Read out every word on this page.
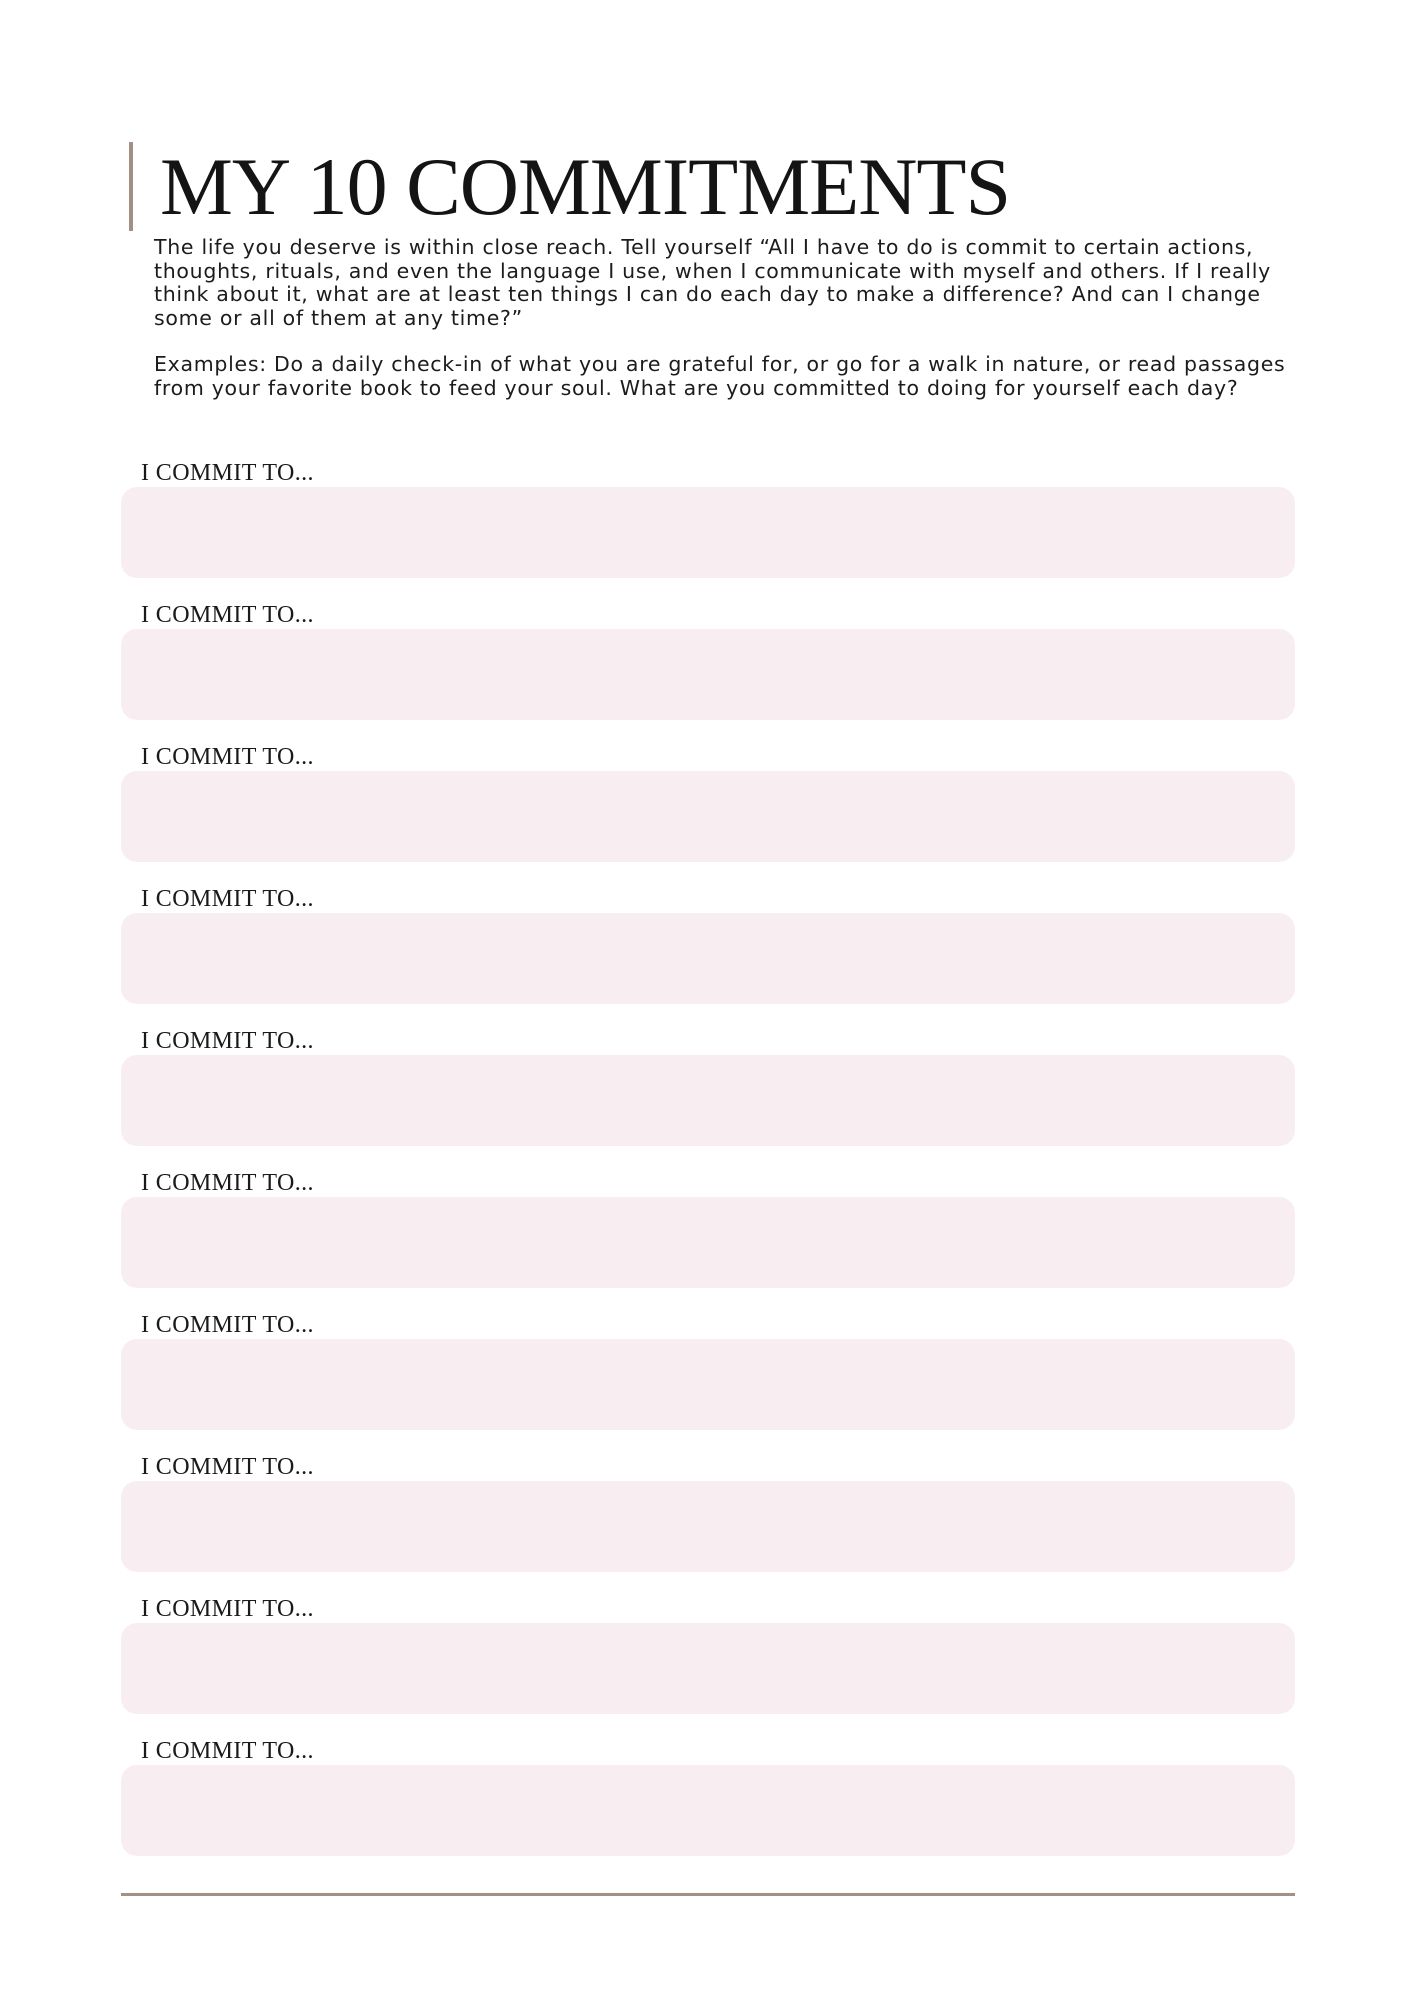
MY 10 COMMITMENTS

The life you deserve is within close reach. Tell yourself “All I have to do is commit to certain actions, thoughts, rituals, and even the language I use, when I communicate with myself and others. If I really think about it, what are at least ten things I can do each day to make a difference? And can I change some or all of them at any time?”

Examples: Do a daily check-in of what you are grateful for, or go for a walk in nature, or read passages from your favorite book to feed your soul. What are you committed to doing for yourself each day?

I COMMIT TO...
I COMMIT TO...
I COMMIT TO...
I COMMIT TO...
I COMMIT TO...
I COMMIT TO...
I COMMIT TO...
I COMMIT TO...
I COMMIT TO...
I COMMIT TO...
